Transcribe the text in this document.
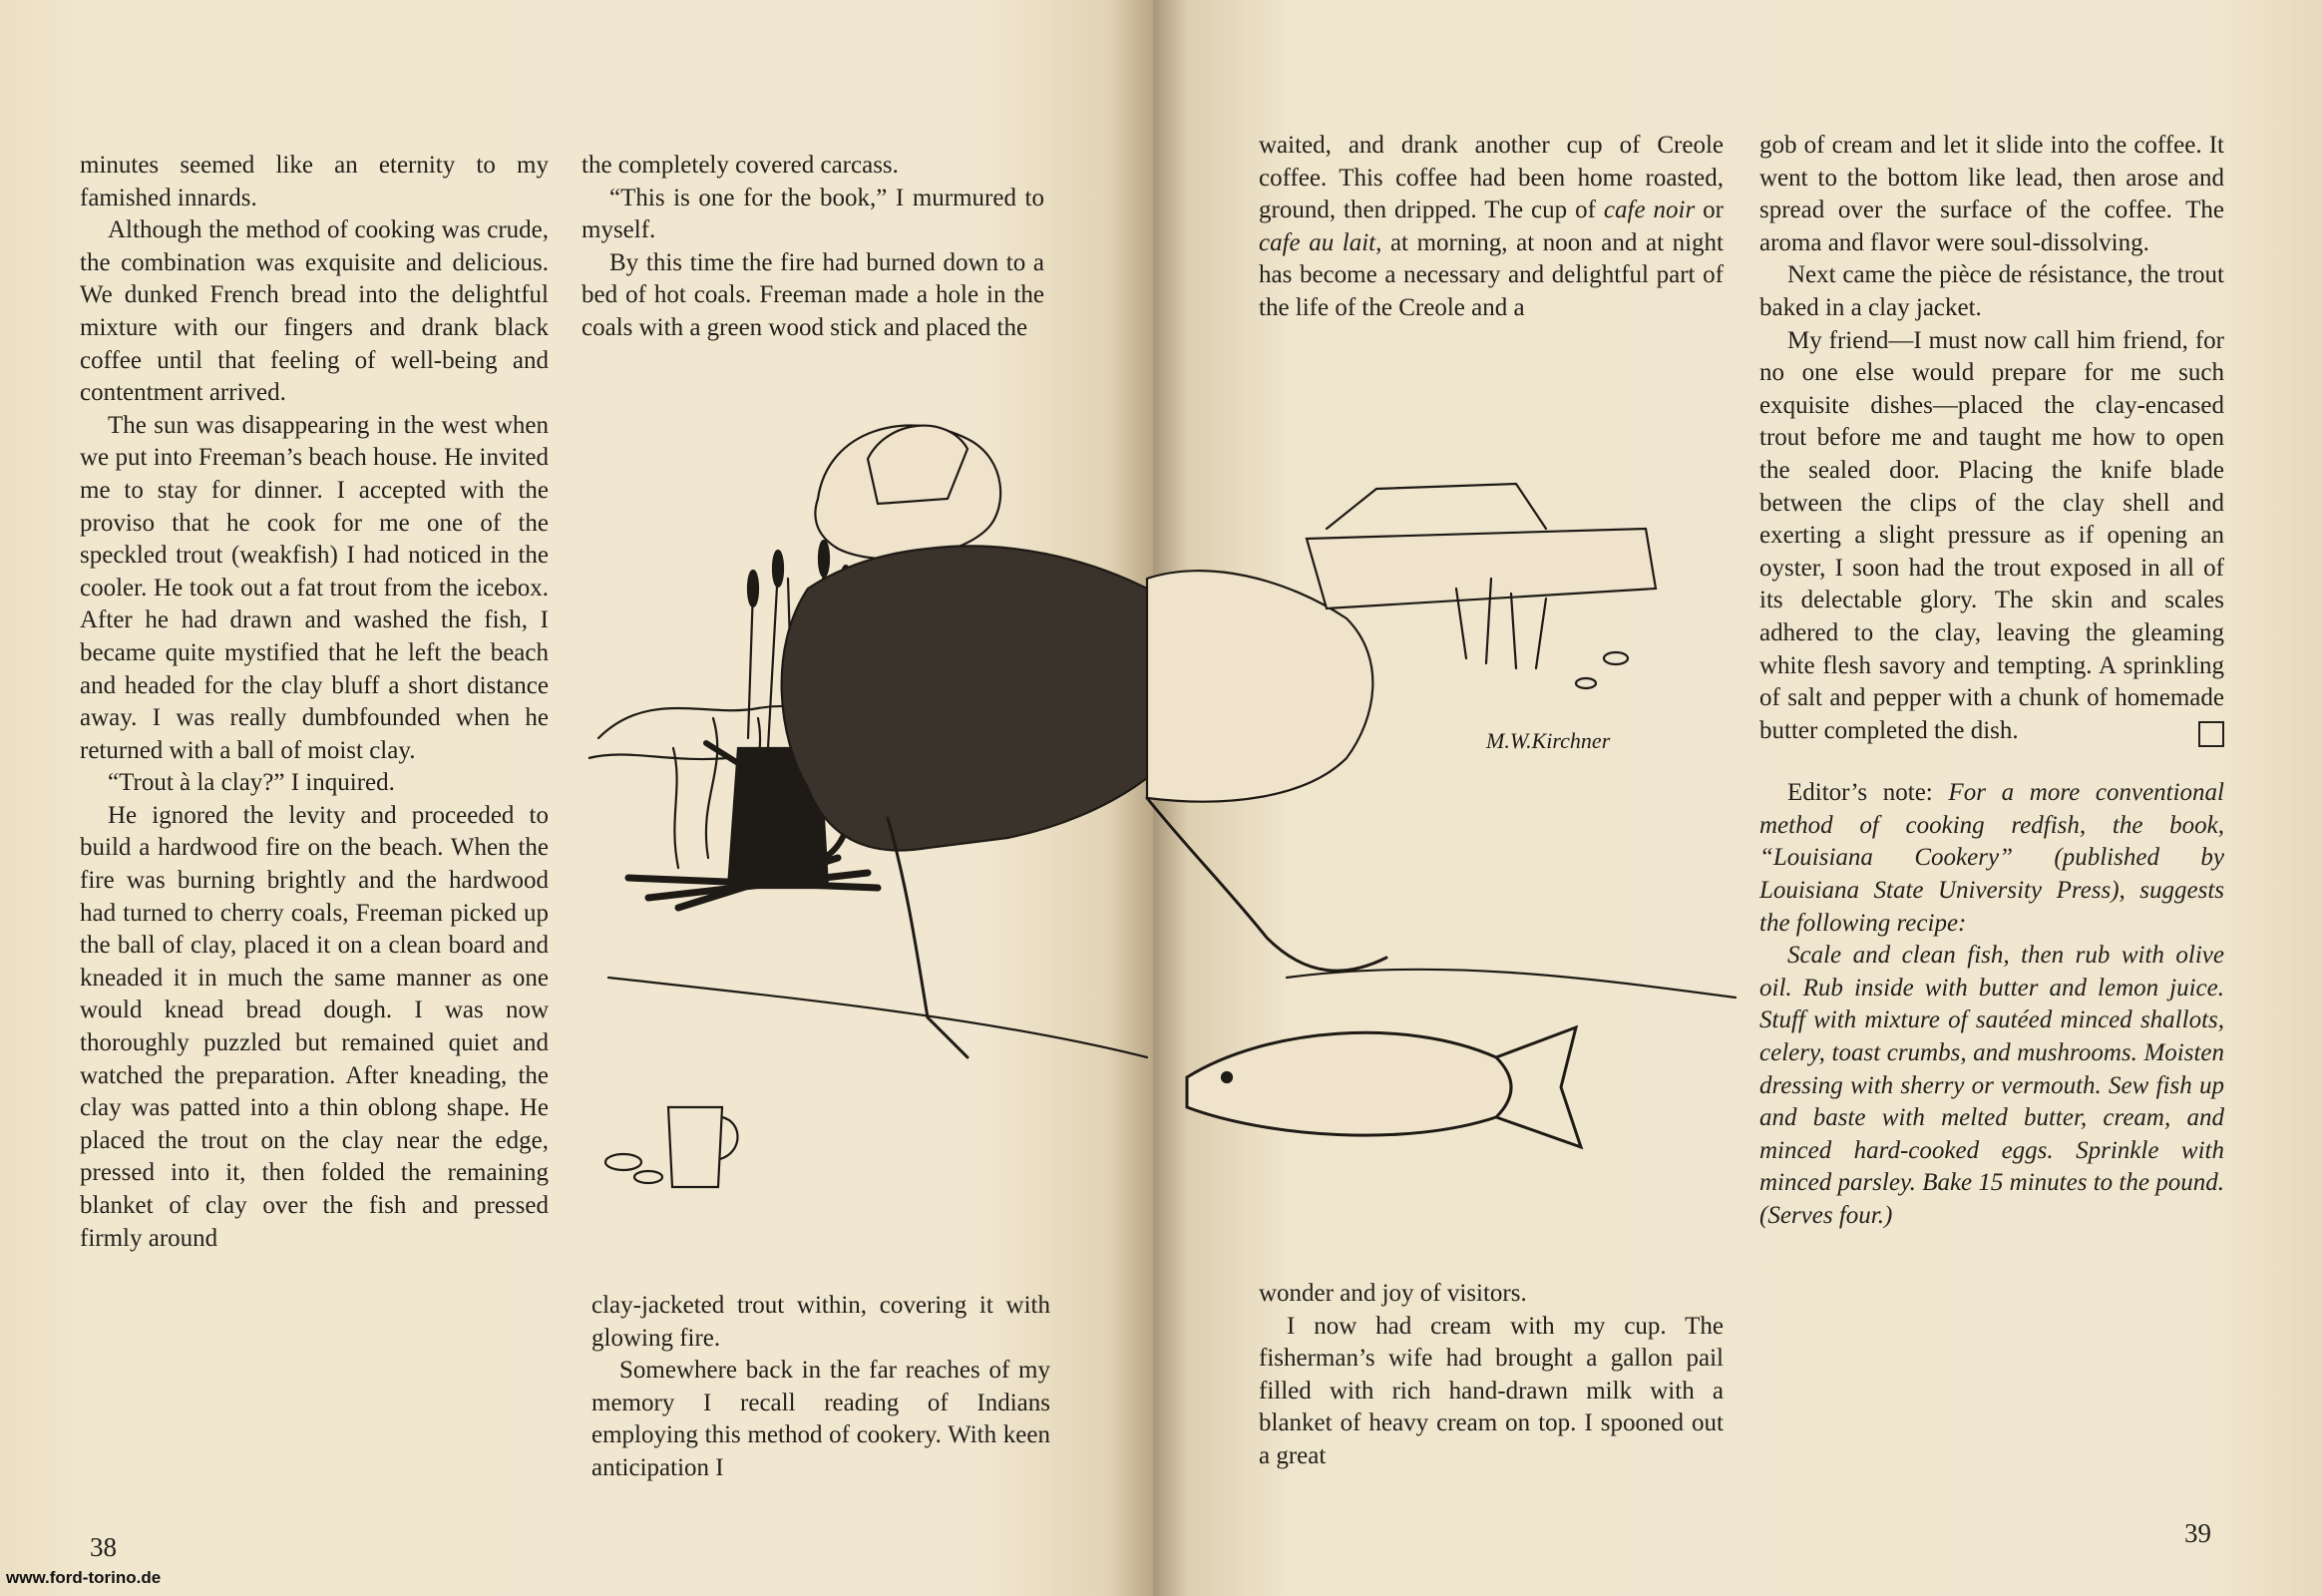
minutes seemed like an eternity to my famished innards.

Although the method of cooking was crude, the combination was exquisite and delicious. We dunked French bread into the delightful mixture with our fingers and drank black coffee until that feeling of well-being and contentment arrived.

The sun was disappearing in the west when we put into Freeman’s beach house. He invited me to stay for dinner. I accepted with the proviso that he cook for me one of the speckled trout (weakfish) I had noticed in the cooler. He took out a fat trout from the icebox. After he had drawn and washed the fish, I became quite mystified that he left the beach and headed for the clay bluff a short distance away. I was really dumbfounded when he returned with a ball of moist clay.

“Trout à la clay?” I inquired.

He ignored the levity and proceeded to build a hardwood fire on the beach. When the fire was burning brightly and the hardwood had turned to cherry coals, Freeman picked up the ball of clay, placed it on a clean board and kneaded it in much the same manner as one would knead bread dough. I was now thoroughly puzzled but remained quiet and watched the preparation. After kneading, the clay was patted into a thin oblong shape. He placed the trout on the clay near the edge, pressed into it, then folded the remaining blanket of clay over the fish and pressed firmly around

the completely covered carcass.

“This is one for the book,” I murmured to myself.

By this time the fire had burned down to a bed of hot coals. Freeman made a hole in the coals with a green wood stick and placed the

clay-jacketed trout within, covering it with glowing fire.

Somewhere back in the far reaches of my memory I recall reading of Indians employing this method of cookery. With keen anticipation I

38
www.ford-torino.de

waited, and drank another cup of Creole coffee. This coffee had been home roasted, ground, then dripped. The cup of cafe noir or cafe au lait, at morning, at noon and at night has become a necessary and delightful part of the life of the Creole and a

wonder and joy of visitors.

I now had cream with my cup. The fisherman’s wife had brought a gallon pail filled with rich hand-drawn milk with a blanket of heavy cream on top. I spooned out a great

gob of cream and let it slide into the coffee. It went to the bottom like lead, then arose and spread over the surface of the coffee. The aroma and flavor were soul-dissolving.

Next came the pièce de résistance, the trout baked in a clay jacket.

My friend—I must now call him friend, for no one else would prepare for me such exquisite dishes—placed the clay-encased trout before me and taught me how to open the sealed door. Placing the knife blade between the clips of the clay shell and exerting a slight pressure as if opening an oyster, I soon had the trout exposed in all of its delectable glory. The skin and scales adhered to the clay, leaving the gleaming white flesh savory and tempting. A sprinkling of salt and pepper with a chunk of homemade butter completed the dish.

Editor’s note: For a more conventional method of cooking redfish, the book, “Louisiana Cookery” (published by Louisiana State University Press), suggests the following recipe:

Scale and clean fish, then rub with olive oil. Rub inside with butter and lemon juice. Stuff with mixture of sautéed minced shallots, celery, toast crumbs, and mushrooms. Moisten dressing with sherry or vermouth. Sew fish up and baste with melted butter, cream, and minced hard-cooked eggs. Sprinkle with minced parsley. Bake 15 minutes to the pound. (Serves four.)

39
M.W.Kirchner
